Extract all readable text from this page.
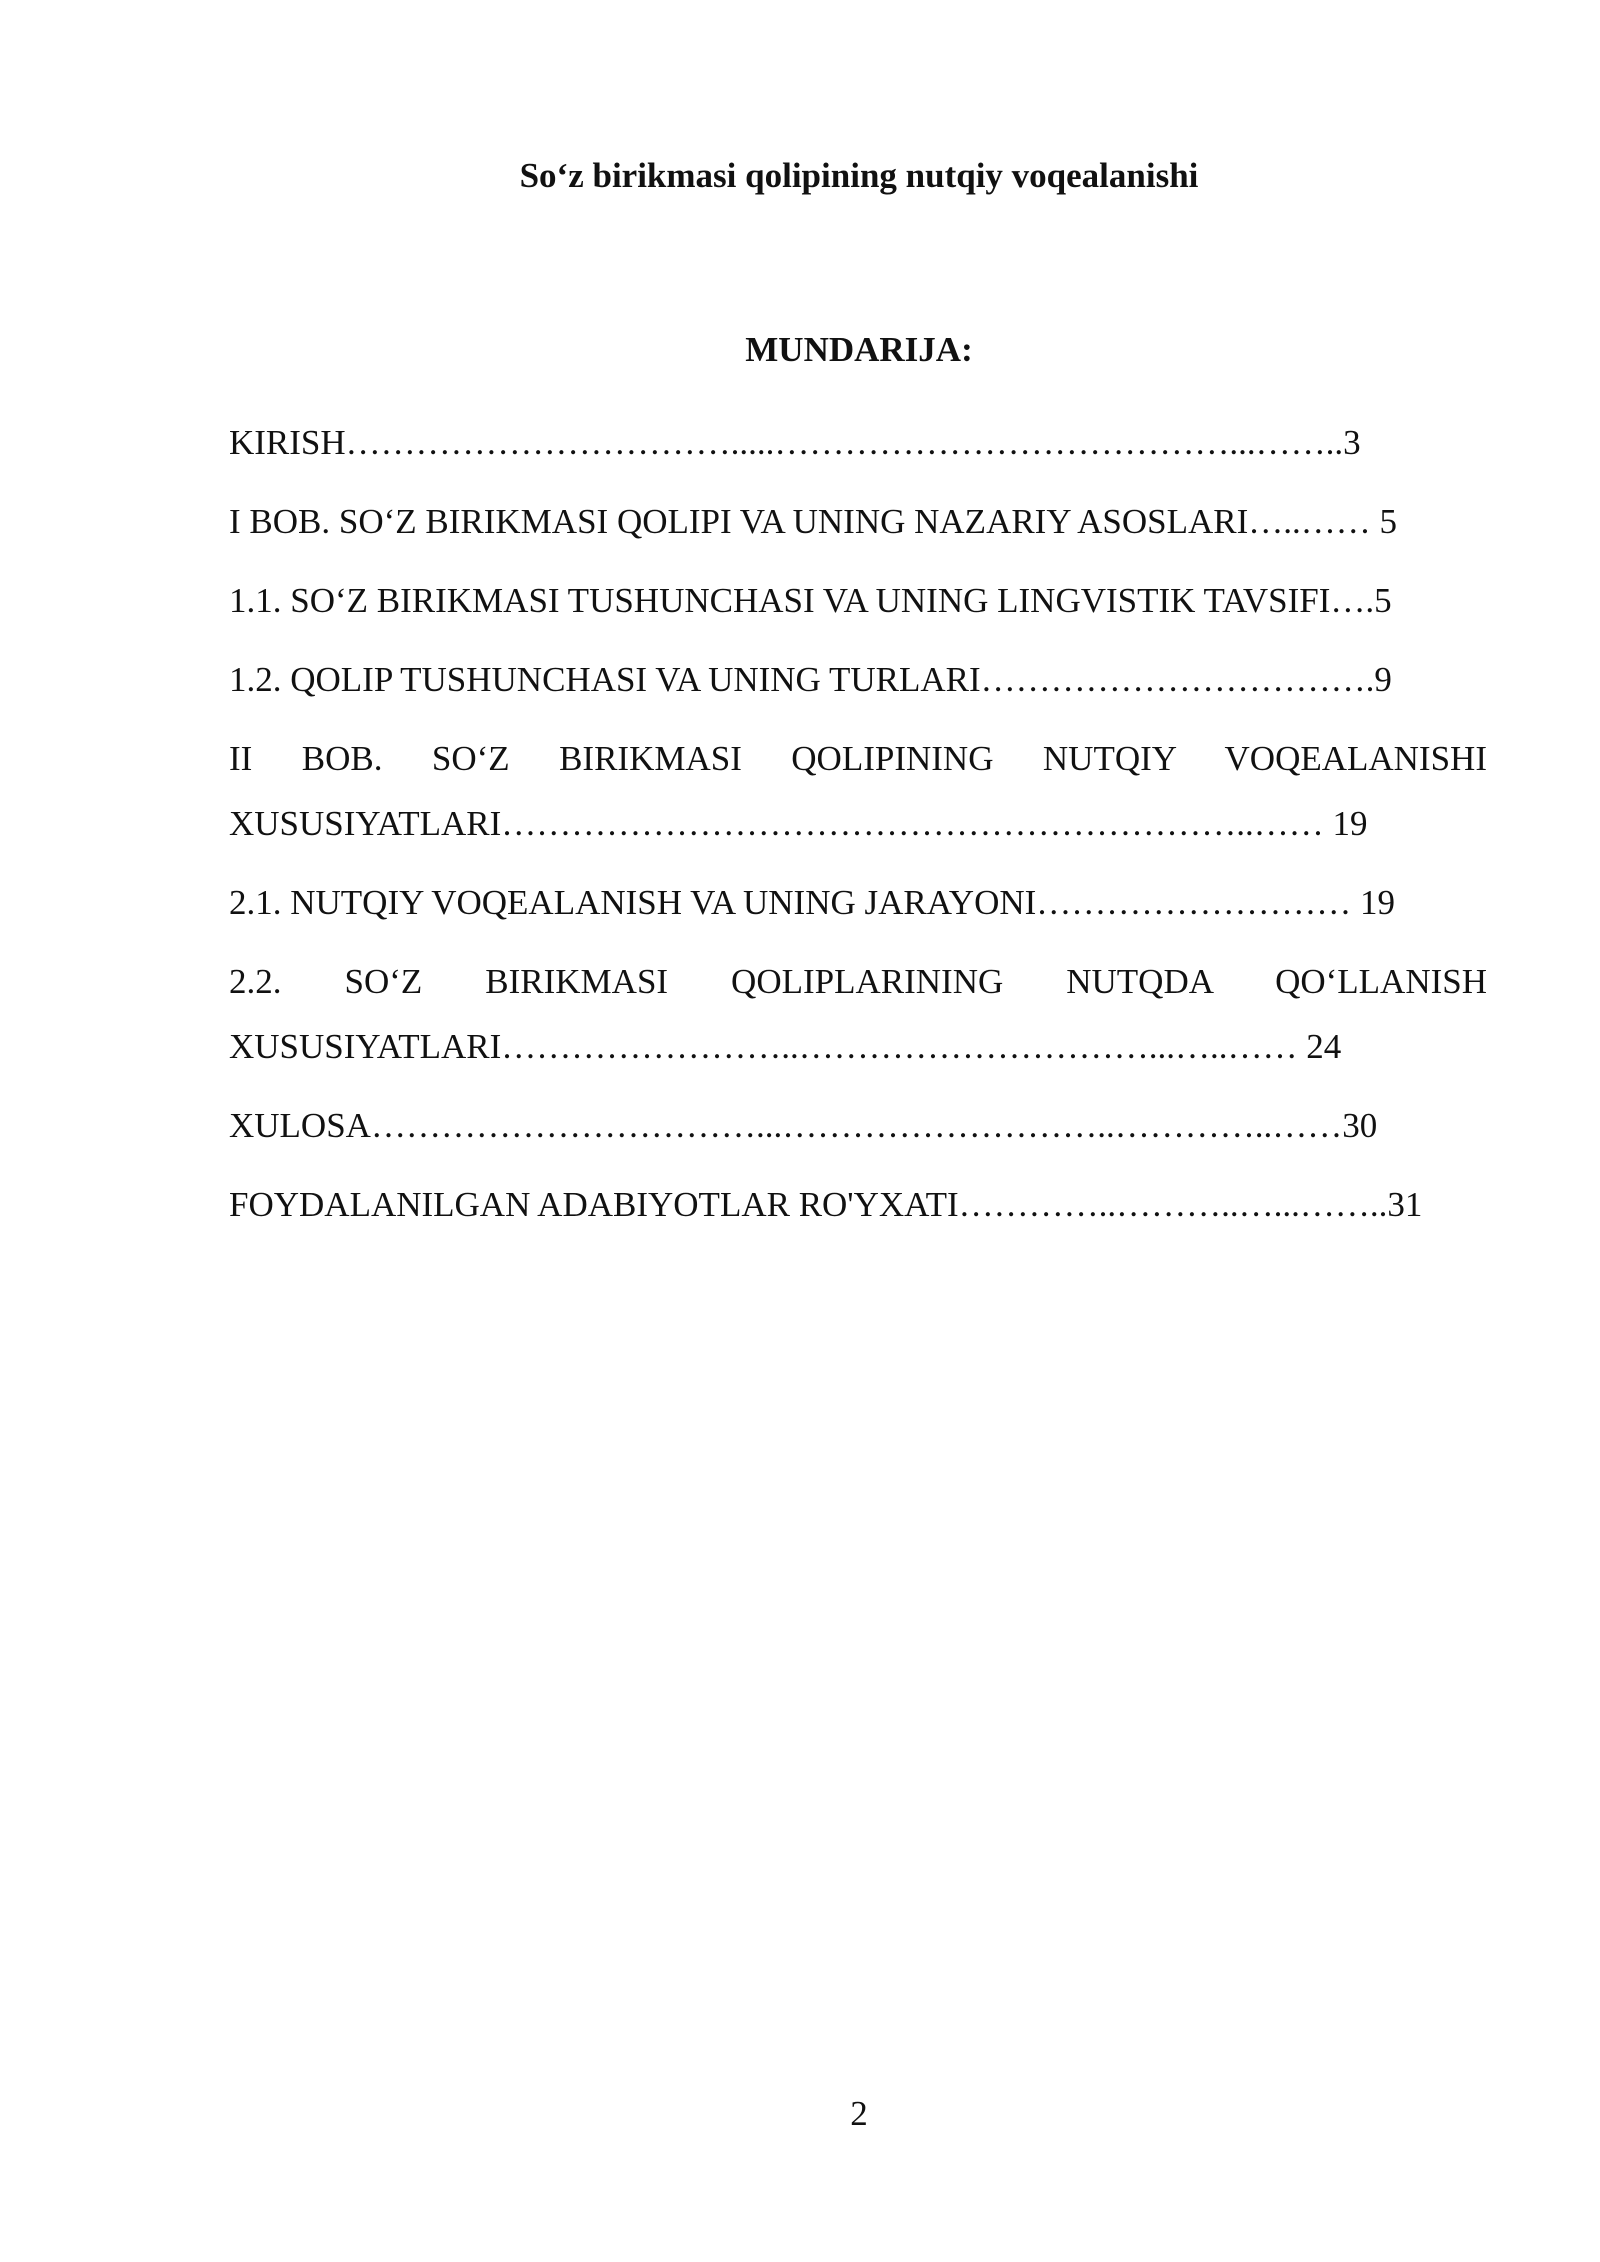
So‘z birikmasi qolipining nutqiy voqealanishi
MUNDARIJA:

KIRISH…………………………….....…………………………………...……..3

I BOB. SO‘Z BIRIKMASI QOLIPI VA UNING NAZARIY ASOSLARI…..…… 5

1.1. SO‘Z BIRIKMASI TUSHUNCHASI VA UNING LINGVISTIK TAVSIFI….5

1.2. QOLIP TUSHUNCHASI VA UNING TURLARI…………………………….9

II BOB. SO‘Z BIRIKMASI QOLIPINING NUTQIY VOQEALANISHI XUSUSIYATLARI………………………………………………………..…… 19

2.1. NUTQIY VOQEALANISH VA UNING JARAYONI……………………… 19

2.2. SO‘Z BIRIKMASI QOLIPLARINING NUTQDA QO‘LLANISH XUSUSIYATLARI……………………..…………………………...…..…… 24

XULOSA……………………………...………………………..…………..……30

FOYDALANILGAN ADABIYOTLAR RO'YXATI…………..………..…...……..31

2
